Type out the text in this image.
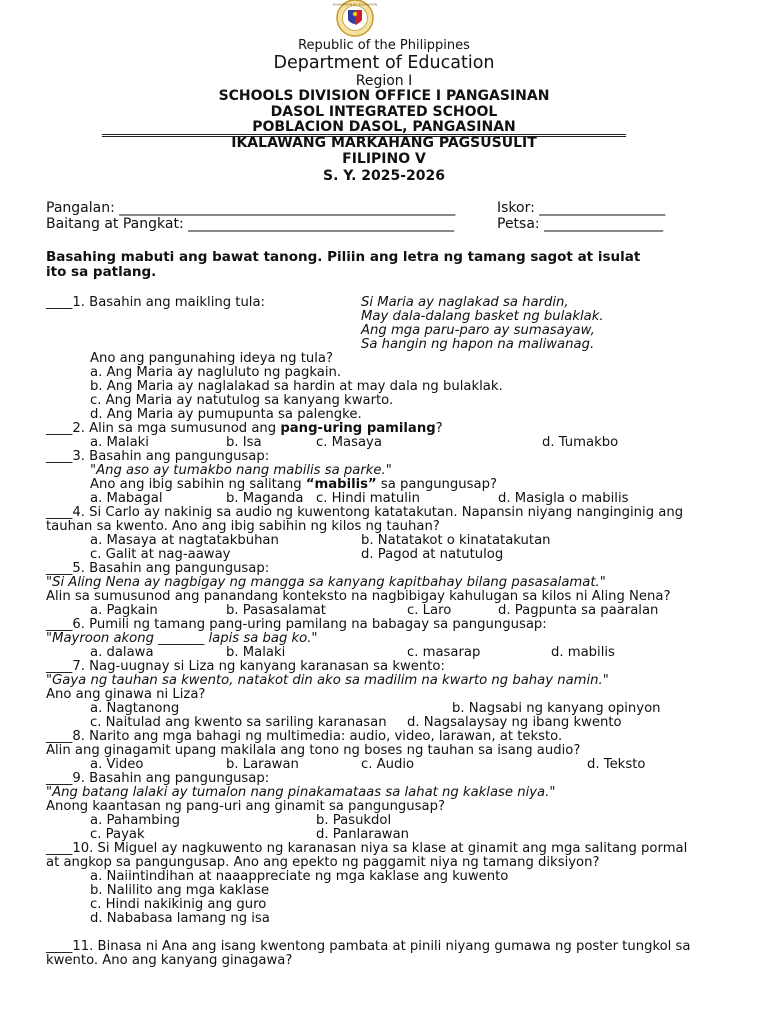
KAGAWARAN NG EDUKASYON
Republic of the Philippines
Department of Education
Region I
SCHOOLS DIVISION OFFICE I PANGASINAN
DASOL INTEGRATED SCHOOL
POBLACION DASOL, PANGASINAN
IKALAWANG MARKAHANG PAGSUSULIT
FILIPINO V
S. Y. 2025-2026
Pangalan: ________________________________________________	Iskor: __________________
Baitang at Pangkat: ______________________________________	Petsa: _________________
Basahing mabuti ang bawat tanong. Piliin ang letra ng tamang sagot at isulat
ito sa patlang.
____1. Basahin ang maikling tula:	Si Maria ay naglakad sa hardin,
May dala-dalang basket ng bulaklak.
Ang mga paru-paro ay sumasayaw,
Sa hangin ng hapon na maliwanag.
Ano ang pangunahing ideya ng tula?
a. Ang Maria ay nagluluto ng pagkain.
b. Ang Maria ay naglalakad sa hardin at may dala ng bulaklak.
c. Ang Maria ay natutulog sa kanyang kwarto.
d. Ang Maria ay pumupunta sa palengke.
____2. Alin sa mga sumusunod ang pang-uring pamilang?
a. Malaki	b. Isa	c. Masaya	d. Tumakbo
____3. Basahin ang pangungusap:
"Ang aso ay tumakbo nang mabilis sa parke."
Ano ang ibig sabihin ng salitang “mabilis” sa pangungusap?
a. Mabagal	b. Maganda c. Hindi matulin	d. Masigla o mabilis
____4. Si Carlo ay nakinig sa audio ng kuwentong katatakutan. Napansin niyang nanginginig ang
tauhan sa kwento. Ano ang ibig sabihin ng kilos ng tauhan?
a. Masaya at nagtatakbuhan	b. Natatakot o kinatatakutan
c. Galit at nag-aaway	d. Pagod at natutulog
____5. Basahin ang pangungusap:
"Si Aling Nena ay nagbigay ng mangga sa kanyang kapitbahay bilang pasasalamat."
Alin sa sumusunod ang panandang konteksto na nagbibigay kahulugan sa kilos ni Aling Nena?
a. Pagkain	b. Pasasalamat	c. Laro	d. Pagpunta sa paaralan
____6. Pumili ng tamang pang-uring pamilang na babagay sa pangungusap:
"Mayroon akong _______ lapis sa bag ko."
a. dalawa	b. Malaki	c. masarap	d. mabilis
____7. Nag-uugnay si Liza ng kanyang karanasan sa kwento:
"Gaya ng tauhan sa kwento, natakot din ako sa madilim na kwarto ng bahay namin."
Ano ang ginawa ni Liza?
a. Nagtanong	b. Nagsabi ng kanyang opinyon
c. Naitulad ang kwento sa sariling karanasan d. Nagsalaysay ng ibang kwento
____8. Narito ang mga bahagi ng multimedia: audio, video, larawan, at teksto.
Alin ang ginagamit upang makilala ang tono ng boses ng tauhan sa isang audio?
a. Video	b. Larawan	c. Audio	d. Teksto
____9. Basahin ang pangungusap:
"Ang batang lalaki ay tumalon nang pinakamataas sa lahat ng kaklase niya."
Anong kaantasan ng pang-uri ang ginamit sa pangungusap?
a. Pahambing	b. Pasukdol
c. Payak	d. Panlarawan
____10. Si Miguel ay nagkuwento ng karanasan niya sa klase at ginamit ang mga salitang pormal
at angkop sa pangungusap. Ano ang epekto ng paggamit niya ng tamang diksiyon?
a. Naiintindihan at naaappreciate ng mga kaklase ang kuwento
b. Nalilito ang mga kaklase
c. Hindi nakikinig ang guro
d. Nababasa lamang ng isa
____11. Binasa ni Ana ang isang kwentong pambata at pinili niyang gumawa ng poster tungkol sa
kwento. Ano ang kanyang ginagawa?
